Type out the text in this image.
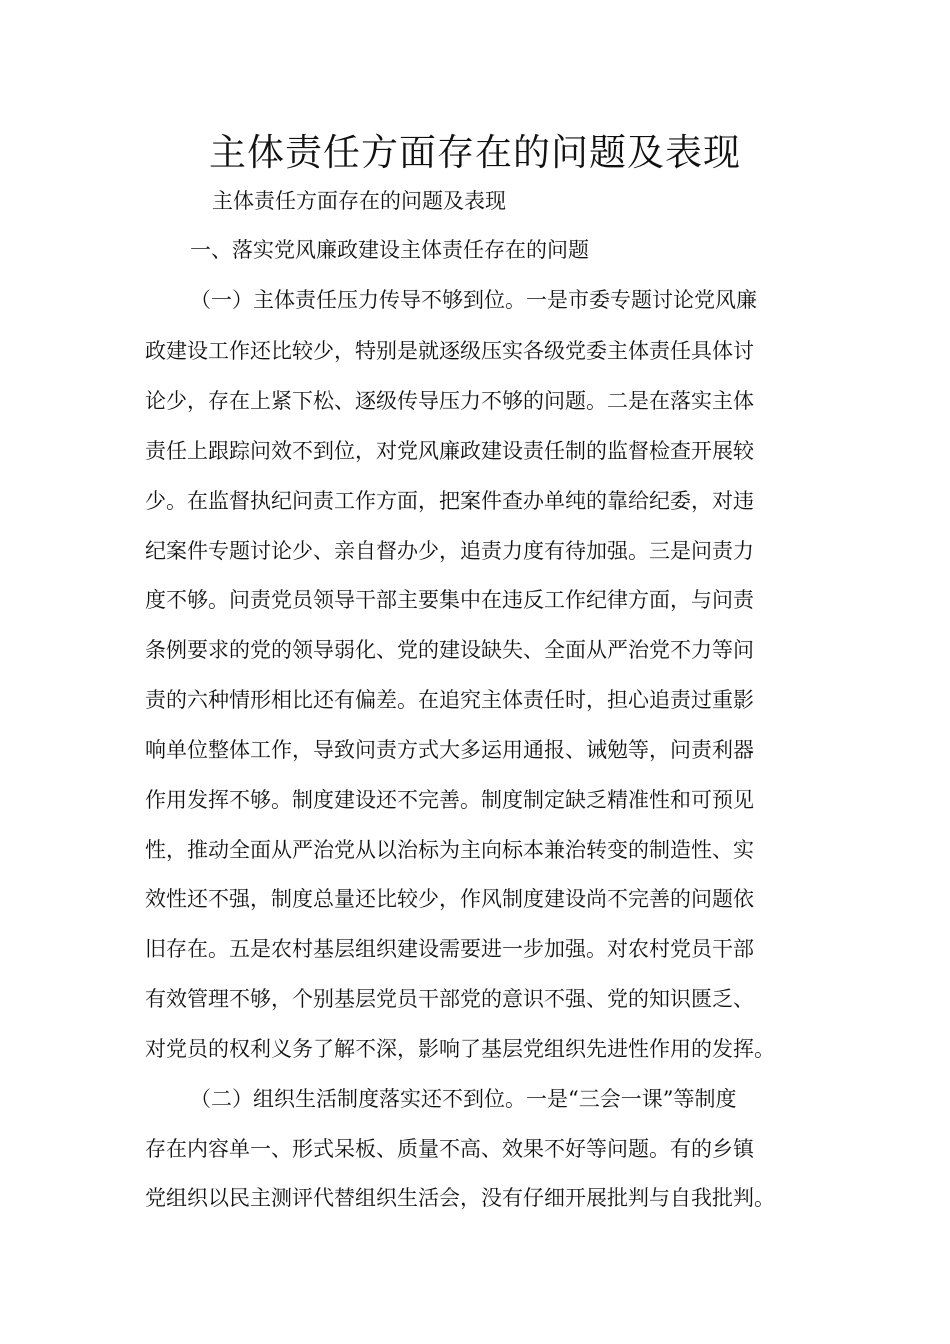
主体责任方面存在的问题及表现

主体责任方面存在的问题及表现

一、落实党风廉政建设主体责任存在的问题

（一）主体责任压力传导不够到位。一是市委专题讨论党风廉

政建设工作还比较少，特别是就逐级压实各级党委主体责任具体讨

论少，存在上紧下松、逐级传导压力不够的问题。二是在落实主体

责任上跟踪问效不到位，对党风廉政建设责任制的监督检查开展较

少。在监督执纪问责工作方面，把案件查办单纯的靠给纪委，对违

纪案件专题讨论少、亲自督办少，追责力度有待加强。三是问责力

度不够。问责党员领导干部主要集中在违反工作纪律方面，与问责

条例要求的党的领导弱化、党的建设缺失、全面从严治党不力等问

责的六种情形相比还有偏差。在追究主体责任时，担心追责过重影

响单位整体工作，导致问责方式大多运用通报、诫勉等，问责利器

作用发挥不够。制度建设还不完善。制度制定缺乏精准性和可预见

性，推动全面从严治党从以治标为主向标本兼治转变的制造性、实

效性还不强，制度总量还比较少，作风制度建设尚不完善的问题依

旧存在。五是农村基层组织建设需要进一步加强。对农村党员干部

有效管理不够，个别基层党员干部党的意识不强、党的知识匮乏、

对党员的权利义务了解不深，影响了基层党组织先进性作用的发挥。

（二）组织生活制度落实还不到位。一是“三会一课”等制度

存在内容单一、形式呆板、质量不高、效果不好等问题。有的乡镇

党组织以民主测评代替组织生活会，没有仔细开展批判与自我批判。
